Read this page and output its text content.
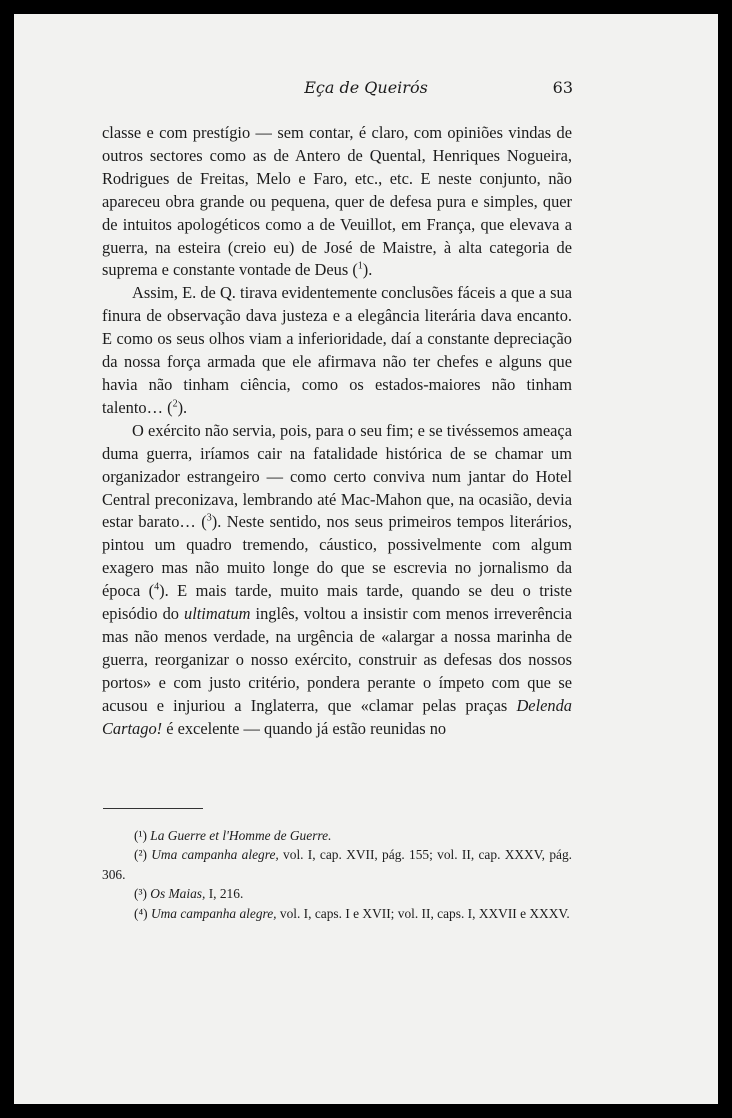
Eça de Queirós	63

classe e com prestígio — sem contar, é claro, com opiniões vindas de outros sectores como as de Antero de Quental, Henriques Nogueira, Rodrigues de Freitas, Melo e Faro, etc., etc. E neste conjunto, não apareceu obra grande ou pequena, quer de defesa pura e simples, quer de intuitos apologéticos como a de Veuillot, em França, que elevava a guerra, na esteira (creio eu) de José de Maistre, à alta categoria de suprema e constante vontade de Deus ($^1$).

Assim, E. de Q. tirava evidentemente conclusões fáceis a que a sua finura de observação dava justeza e a elegância literária dava encanto. E como os seus olhos viam a inferioridade, daí a constante depreciação da nossa força armada que ele afirmava não ter chefes e alguns que havia não tinham ciência, como os estados-maiores não tinham talento… ($^2$).

O exército não servia, pois, para o seu fim; e se tivéssemos ameaça duma guerra, iríamos cair na fatalidade histórica de se chamar um organizador estrangeiro — como certo conviva num jantar do Hotel Central preconizava, lembrando até Mac-Mahon que, na ocasião, devia estar barato… ($^3$). Neste sentido, nos seus primeiros tempos literários, pintou um quadro tremendo, cáustico, possivelmente com algum exagero mas não muito longe do que se escrevia no jornalismo da época ($^4$). E mais tarde, muito mais tarde, quando se deu o triste episódio do ultimatum inglês, voltou a insistir com menos irreverência mas não menos verdade, na urgência de «alargar a nossa marinha de guerra, reorganizar o nosso exército, construir as defesas dos nossos portos» e com justo critério, pondera perante o ímpeto com que se acusou e injuriou a Inglaterra, que «clamar pelas praças Delenda Cartago! é excelente — quando já estão reunidas no

(¹) La Guerre et l'Homme de Guerre.

(²) Uma campanha alegre, vol. I, cap. XVII, pág. 155; vol. II, cap. XXXV, pág. 306.

(³) Os Maias, I, 216.

(⁴) Uma campanha alegre, vol. I, caps. I e XVII; vol. II, caps. I, XXVII e XXXV.
